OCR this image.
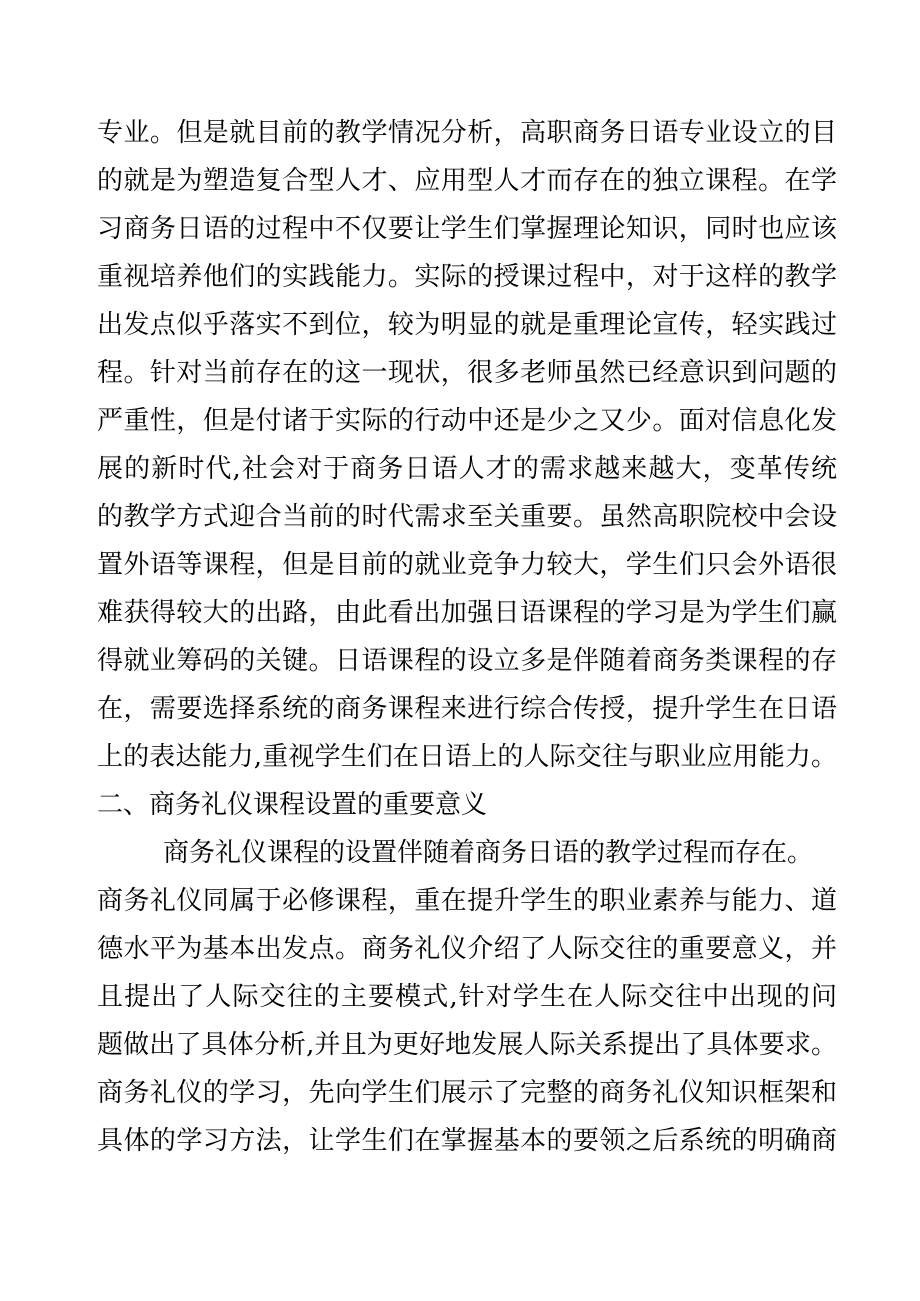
专业。但是就目前的教学情况分析，高职商务日语专业设立的目
的就是为塑造复合型人才、应用型人才而存在的独立课程。在学
习商务日语的过程中不仅要让学生们掌握理论知识，同时也应该
重视培养他们的实践能力。实际的授课过程中，对于这样的教学
出发点似乎落实不到位，较为明显的就是重理论宣传，轻实践过
程。针对当前存在的这一现状，很多老师虽然已经意识到问题的
严重性，但是付诸于实际的行动中还是少之又少。面对信息化发
展的新时代,社会对于商务日语人才的需求越来越大，变革传统
的教学方式迎合当前的时代需求至关重要。虽然高职院校中会设
置外语等课程，但是目前的就业竞争力较大，学生们只会外语很
难获得较大的出路，由此看出加强日语课程的学习是为学生们赢
得就业筹码的关键。日语课程的设立多是伴随着商务类课程的存
在，需要选择系统的商务课程来进行综合传授，提升学生在日语
上的表达能力,重视学生们在日语上的人际交往与职业应用能力。
二、商务礼仪课程设置的重要意义
商务礼仪课程的设置伴随着商务日语的教学过程而存在。
商务礼仪同属于必修课程，重在提升学生的职业素养与能力、道
德水平为基本出发点。商务礼仪介绍了人际交往的重要意义，并
且提出了人际交往的主要模式,针对学生在人际交往中出现的问
题做出了具体分析,并且为更好地发展人际关系提出了具体要求。
商务礼仪的学习，先向学生们展示了完整的商务礼仪知识框架和
具体的学习方法，让学生们在掌握基本的要领之后系统的明确商
